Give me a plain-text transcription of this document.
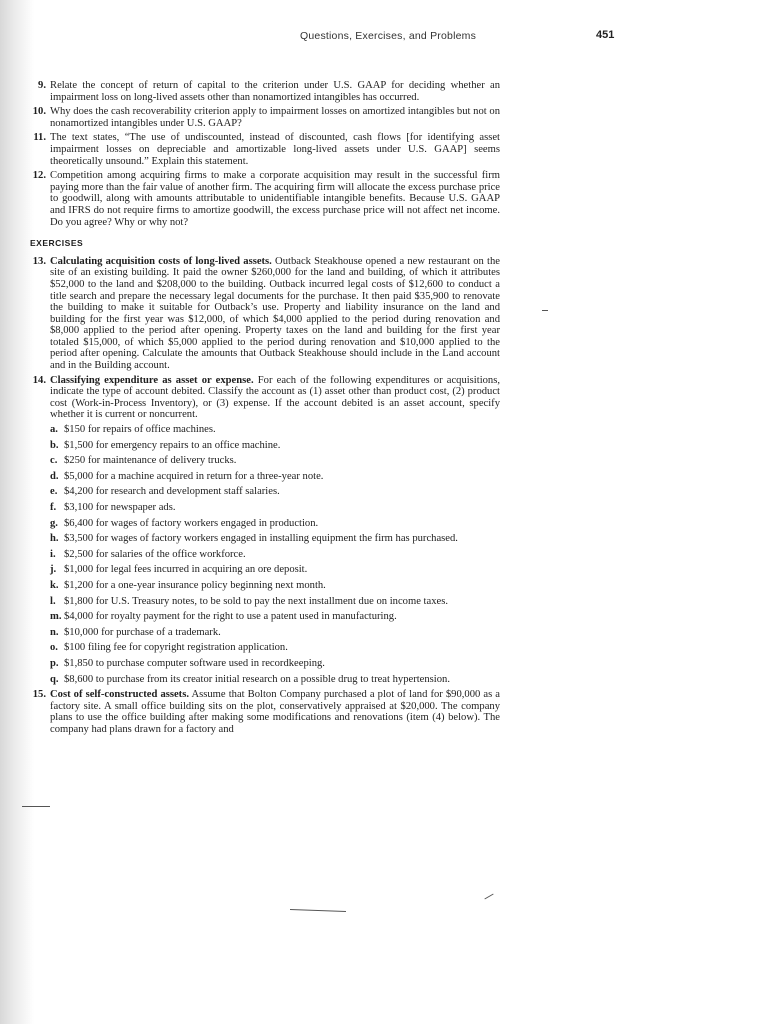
Questions, Exercises, and Problems	451
9. Relate the concept of return of capital to the criterion under U.S. GAAP for deciding whether an impairment loss on long-lived assets other than nonamortized intangibles has occurred.
10. Why does the cash recoverability criterion apply to impairment losses on amortized intangibles but not on nonamortized intangibles under U.S. GAAP?
11. The text states, “The use of undiscounted, instead of discounted, cash flows [for identifying asset impairment losses on depreciable and amortizable long-lived assets under U.S. GAAP] seems theoretically unsound.” Explain this statement.
12. Competition among acquiring firms to make a corporate acquisition may result in the successful firm paying more than the fair value of another firm. The acquiring firm will allocate the excess purchase price to goodwill, along with amounts attributable to unidentifiable intangible benefits. Because U.S. GAAP and IFRS do not require firms to amortize goodwill, the excess purchase price will not affect net income. Do you agree? Why or why not?
EXERCISES
13. Calculating acquisition costs of long-lived assets. Outback Steakhouse opened a new restaurant on the site of an existing building. It paid the owner $260,000 for the land and building, of which it attributes $52,000 to the land and $208,000 to the building. Outback incurred legal costs of $12,600 to conduct a title search and prepare the necessary legal documents for the purchase. It then paid $35,900 to renovate the building to make it suitable for Outback’s use. Property and liability insurance on the land and building for the first year was $12,000, of which $4,000 applied to the period during renovation and $8,000 applied to the period after opening. Property taxes on the land and building for the first year totaled $15,000, of which $5,000 applied to the period during renovation and $10,000 applied to the period after opening. Calculate the amounts that Outback Steakhouse should include in the Land account and in the Building account.
14. Classifying expenditure as asset or expense. For each of the following expenditures or acquisitions, indicate the type of account debited. Classify the account as (1) asset other than product cost, (2) product cost (Work-in-Process Inventory), or (3) expense. If the account debited is an asset account, specify whether it is current or noncurrent.
a. $150 for repairs of office machines.
b. $1,500 for emergency repairs to an office machine.
c. $250 for maintenance of delivery trucks.
d. $5,000 for a machine acquired in return for a three-year note.
e. $4,200 for research and development staff salaries.
f. $3,100 for newspaper ads.
g. $6,400 for wages of factory workers engaged in production.
h. $3,500 for wages of factory workers engaged in installing equipment the firm has purchased.
i. $2,500 for salaries of the office workforce.
j. $1,000 for legal fees incurred in acquiring an ore deposit.
k. $1,200 for a one-year insurance policy beginning next month.
l. $1,800 for U.S. Treasury notes, to be sold to pay the next installment due on income taxes.
m. $4,000 for royalty payment for the right to use a patent used in manufacturing.
n. $10,000 for purchase of a trademark.
o. $100 filing fee for copyright registration application.
p. $1,850 to purchase computer software used in recordkeeping.
q. $8,600 to purchase from its creator initial research on a possible drug to treat hypertension.
15. Cost of self-constructed assets. Assume that Bolton Company purchased a plot of land for $90,000 as a factory site. A small office building sits on the plot, conservatively appraised at $20,000. The company plans to use the office building after making some modifications and renovations (item (4) below). The company had plans drawn for a factory and
